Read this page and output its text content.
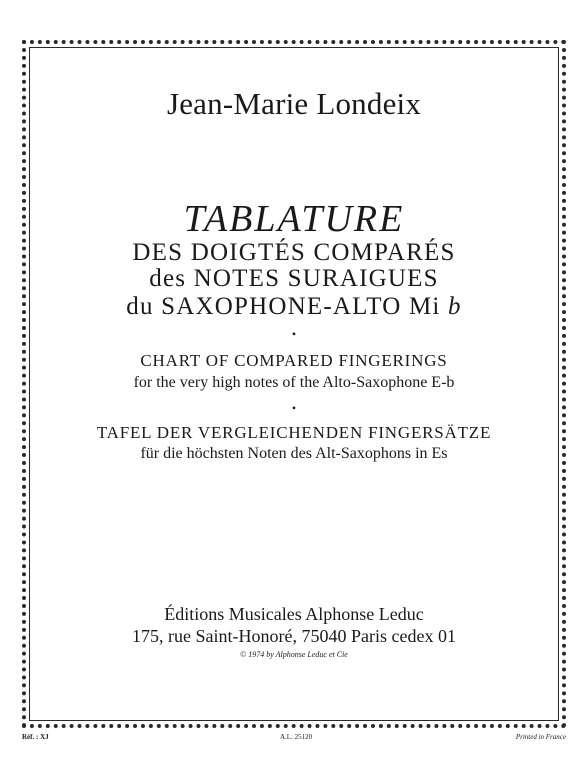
Jean-Marie Londeix
TABLATURE
DES DOIGTÉS COMPARÉS
des NOTES SURAIGUES
du SAXOPHONE-ALTO Mi b
•
CHART OF COMPARED FINGERINGS
for the very high notes of the Alto-Saxophone E-b
•
TAFEL DER VERGLEICHENDEN FINGERSÄTZE
für die höchsten Noten des Alt-Saxophons in Es
Éditions Musicales Alphonse Leduc
175, rue Saint-Honoré, 75040 Paris cedex 01
© 1974 by Alphonse Leduc et Cie
Réf. : XJ	A.L. 25120	Printed in France
